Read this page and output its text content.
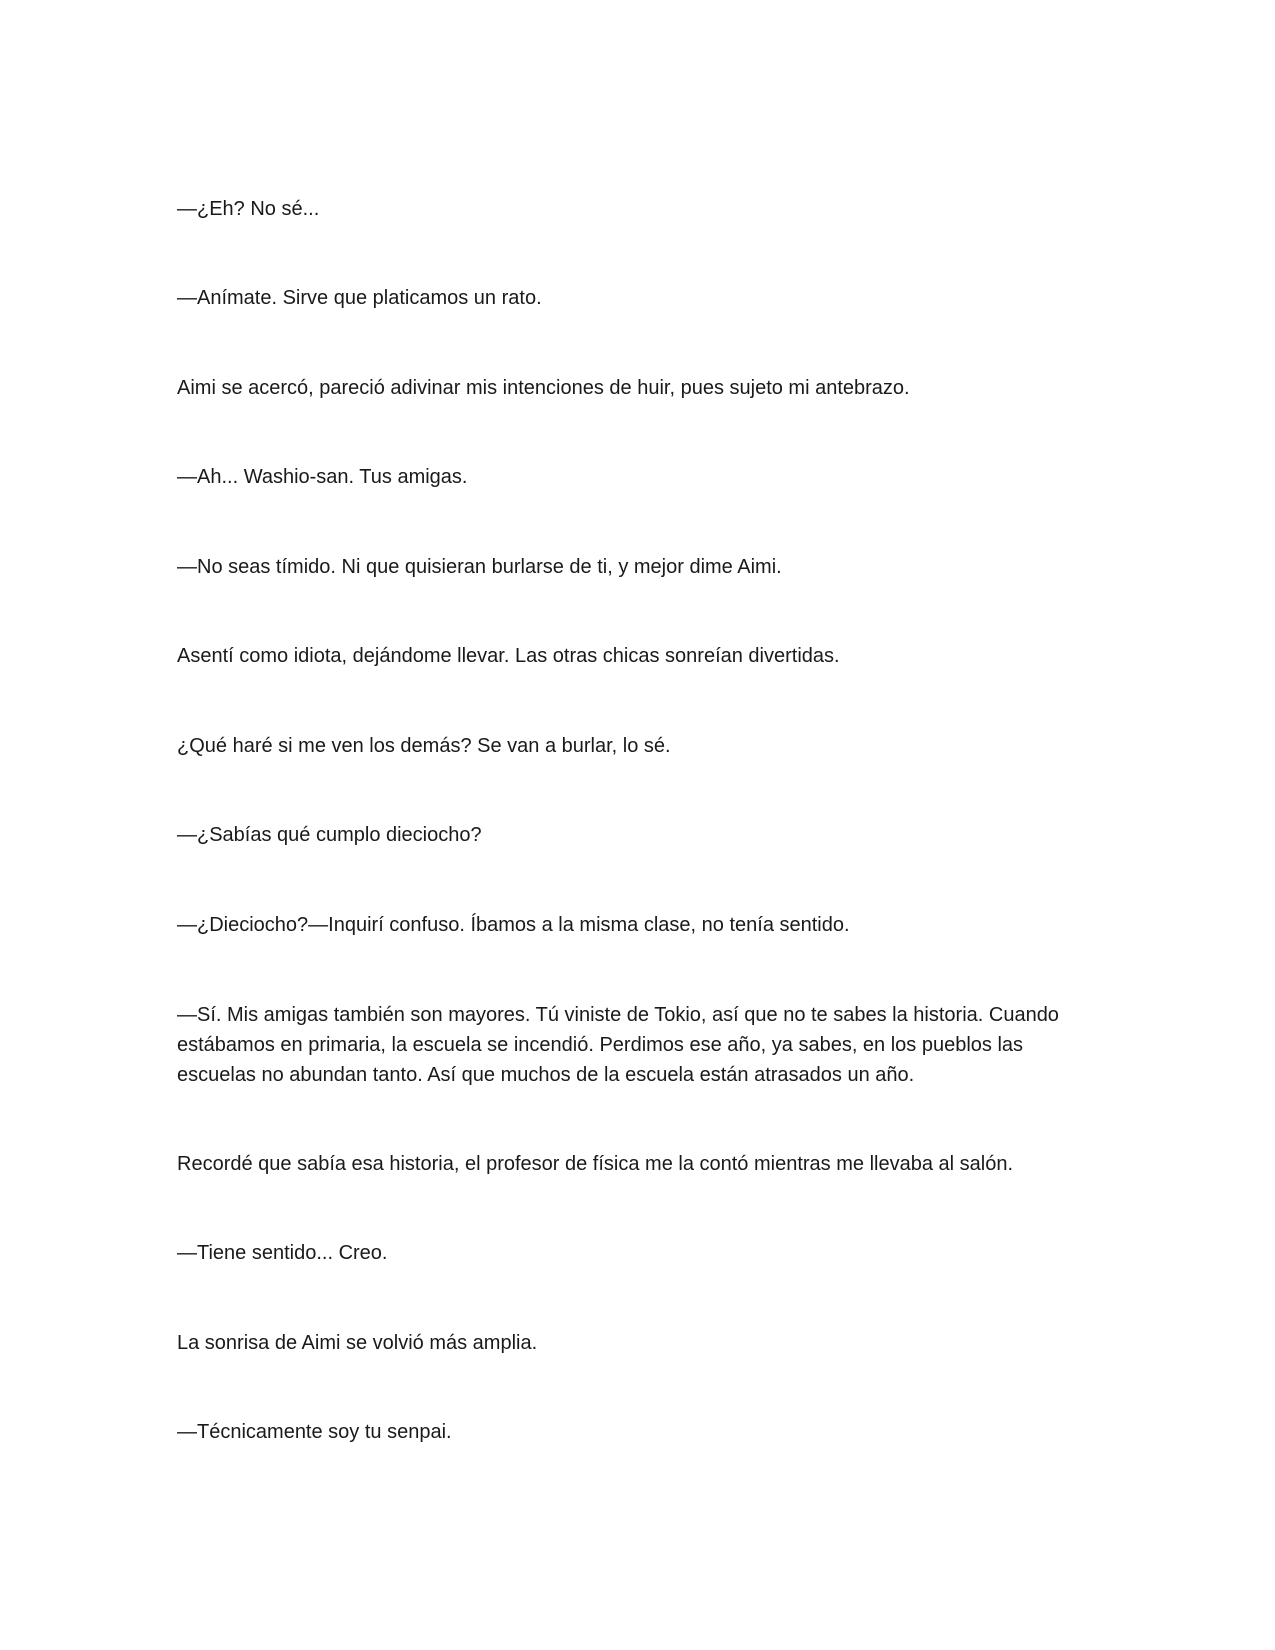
—¿Eh? No sé...

—Anímate. Sirve que platicamos un rato.

Aimi se acercó, pareció adivinar mis intenciones de huir, pues sujeto mi antebrazo.

—Ah... Washio-san. Tus amigas.

—No seas tímido. Ni que quisieran burlarse de ti, y mejor dime Aimi.

Asentí como idiota, dejándome llevar. Las otras chicas sonreían divertidas.

¿Qué haré si me ven los demás? Se van a burlar, lo sé.

—¿Sabías qué cumplo dieciocho?

—¿Dieciocho?—Inquirí confuso. Íbamos a la misma clase, no tenía sentido.

—Sí. Mis amigas también son mayores. Tú viniste de Tokio, así que no te sabes la historia. Cuando
estábamos en primaria, la escuela se incendió. Perdimos ese año, ya sabes, en los pueblos las
escuelas no abundan tanto. Así que muchos de la escuela están atrasados un año.

Recordé que sabía esa historia, el profesor de física me la contó mientras me llevaba al salón.

—Tiene sentido... Creo.

La sonrisa de Aimi se volvió más amplia.

—Técnicamente soy tu senpai.
